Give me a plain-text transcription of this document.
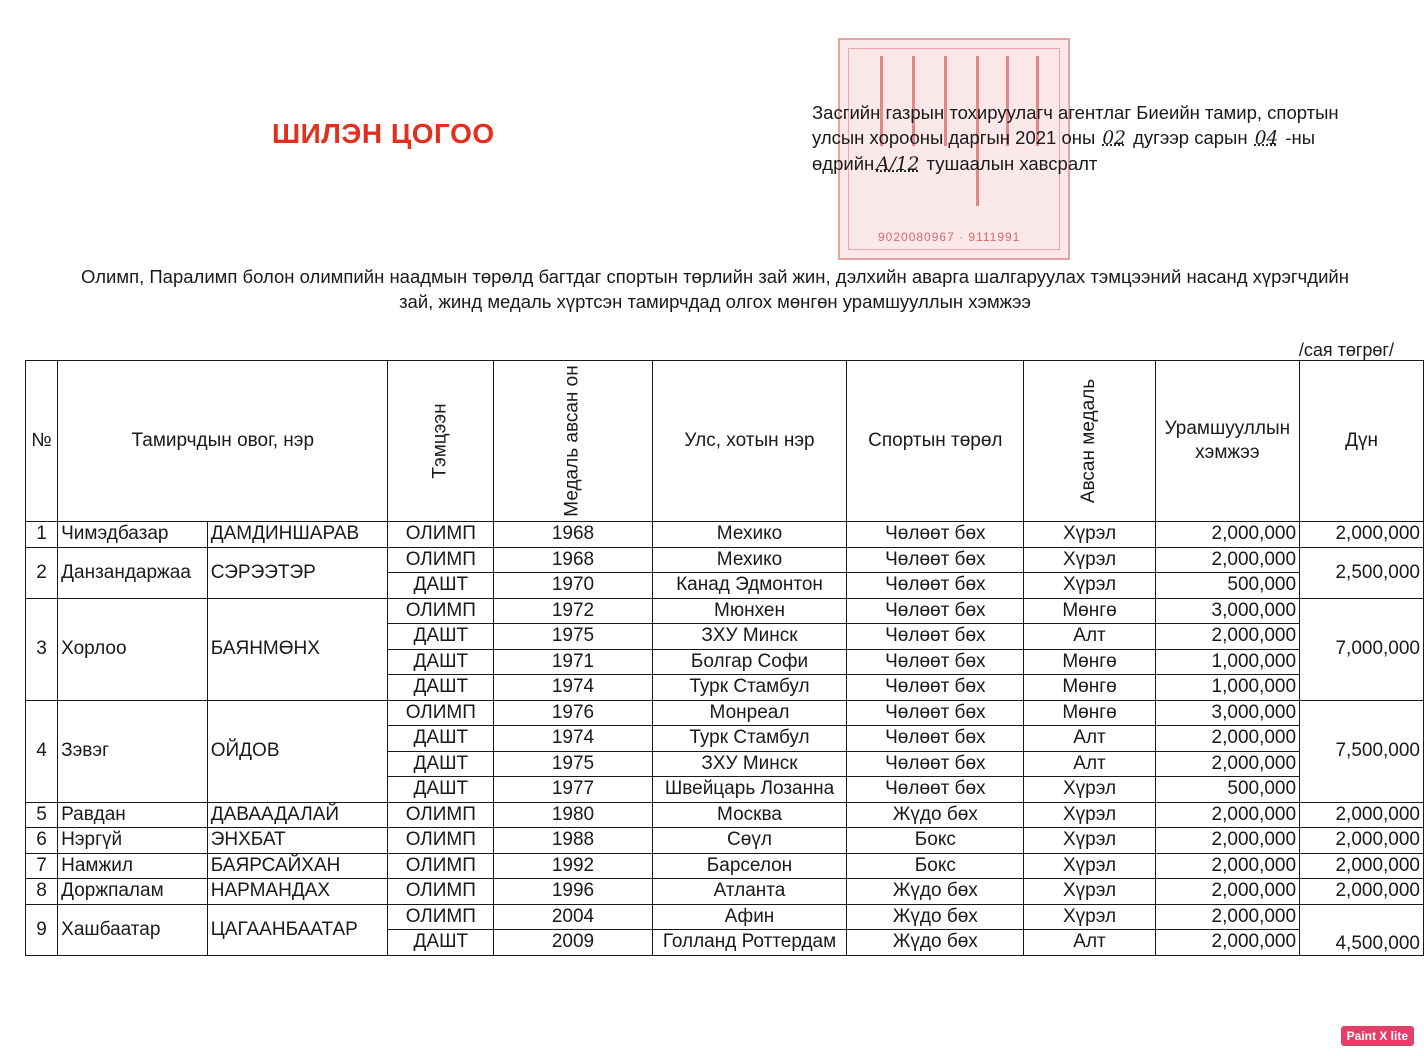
ШИЛЭН ЦОГОО
9020080967 · 9111991
Засгийн газрын тохируулагч агентлаг Биеийн тамир, спортын
улсын хорооны даргын 2021 оны 02 дугээр сарын 04 -ны
өдрийн A/12 тушаалын хавсралт
Олимп, Паралимп болон олимпийн наадмын төрөлд багтдаг спортын төрлийн зай жин, дэлхийн аварга шалгаруулах тэмцээний насанд хүрэгчдийн
зай, жинд медаль хүртсэн тамирчдад олгох мөнгөн урамшууллын хэмжээ
/сая төгрөг/
№	Тамирчдын овог, нэр		Тэмцээн	Медаль авсан он	Улс, хотын нэр	Спортын төрөл	Авсан медаль	Урамшууллын хэмжээ	Дүн
1	Чимэдбазар	ДАМДИНШАРАВ	ОЛИМП	1968	Мехико	Чөлөөт бөх	Хүрэл	2,000,000	2,000,000
2	Данзандаржаа	СЭРЭЭТЭР	ОЛИМП	1968	Мехико	Чөлөөт бөх	Хүрэл	2,000,000	2,500,000
			ДАШТ	1970	Канад Эдмонтон	Чөлөөт бөх	Хүрэл	500,000	
3	Хорлоо	БАЯНМӨНХ	ОЛИМП	1972	Мюнхен	Чөлөөт бөх	Мөнгө	3,000,000	7,000,000
			ДАШТ	1975	ЗХУ Минск	Чөлөөт бөх	Алт	2,000,000	
			ДАШТ	1971	Болгар Софи	Чөлөөт бөх	Мөнгө	1,000,000	
			ДАШТ	1974	Турк Стамбул	Чөлөөт бөх	Мөнгө	1,000,000	
4	Зэвэг	ОЙДОВ	ОЛИМП	1976	Монреал	Чөлөөт бөх	Мөнгө	3,000,000	7,500,000
			ДАШТ	1974	Турк Стамбул	Чөлөөт бөх	Алт	2,000,000	
			ДАШТ	1975	ЗХУ Минск	Чөлөөт бөх	Алт	2,000,000	
			ДАШТ	1977	Швейцарь Лозанна	Чөлөөт бөх	Хүрэл	500,000	
5	Равдан	ДАВААДАЛАЙ	ОЛИМП	1980	Москва	Жүдо бөх	Хүрэл	2,000,000	2,000,000
6	Нэргүй	ЭНХБАТ	ОЛИМП	1988	Сөүл	Бокс	Хүрэл	2,000,000	2,000,000
7	Намжил	БАЯРСАЙХАН	ОЛИМП	1992	Барселон	Бокс	Хүрэл	2,000,000	2,000,000
8	Доржпалам	НАРМАНДАХ	ОЛИМП	1996	Атланта	Жүдо бөх	Хүрэл	2,000,000	2,000,000
9	Хашбаатар	ЦАГААНБААТАР	ОЛИМП	2004	Афин	Жүдо бөх	Хүрэл	2,000,000	4,500,000
			ДАШТ	2009	Голланд Роттердам	Жүдо бөх	Алт	2,000,000	
Paint X lite
